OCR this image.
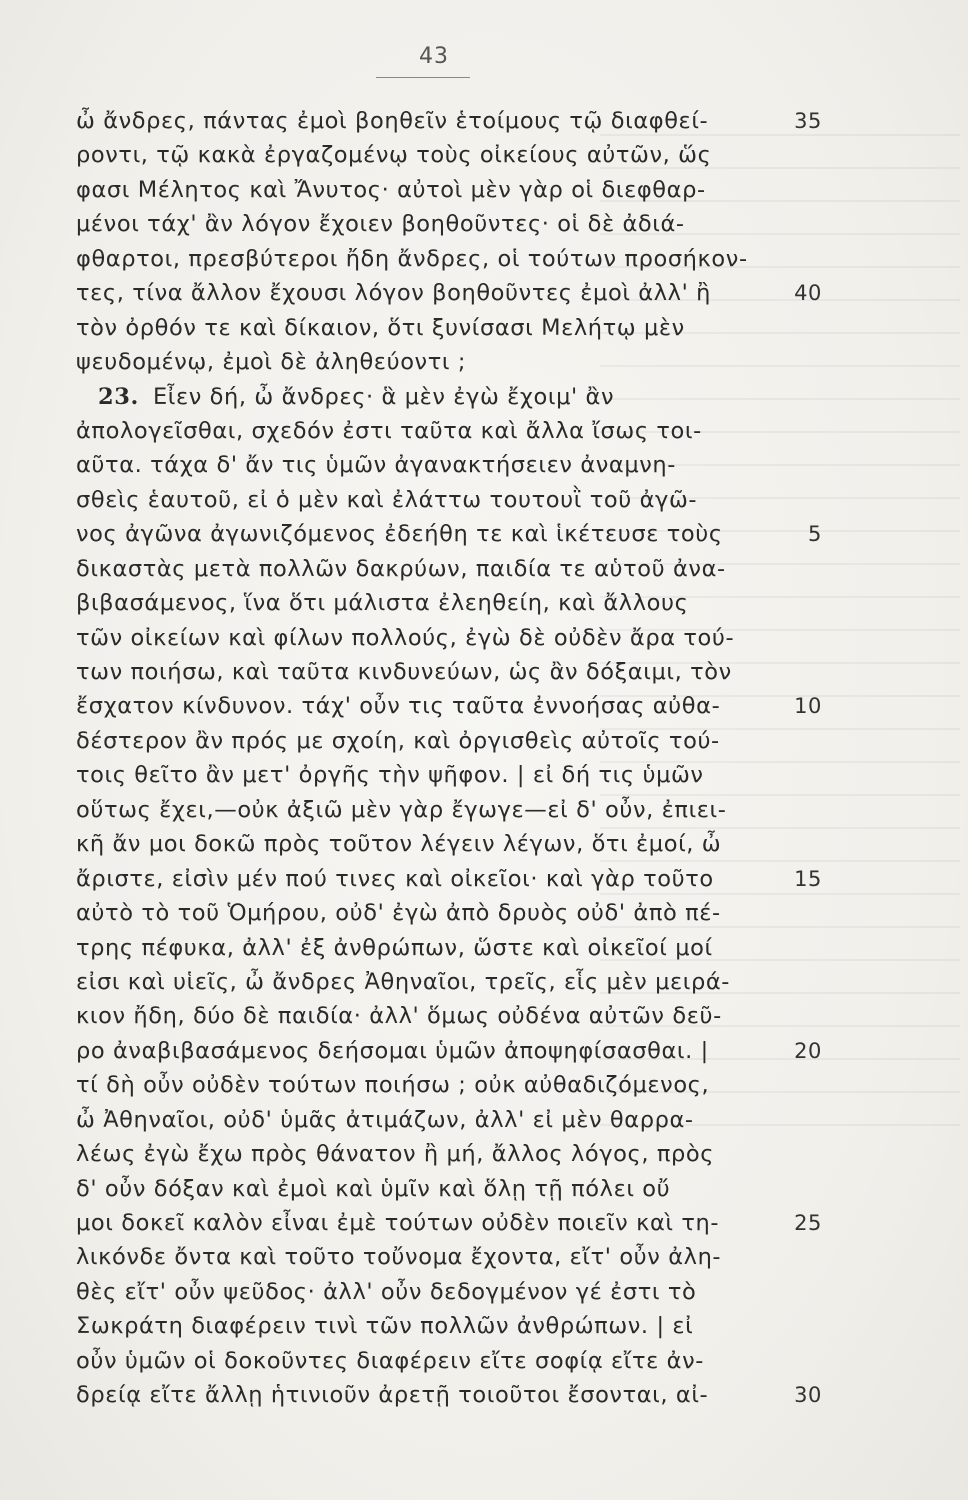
43
ὦ ἄνδρες, πάντας ἐμοὶ βοηθεῖν ἑτοίμους τῷ διαφθεί-	35
ροντι, τῷ κακὰ ἐργαζομένῳ τοὺς οἰκείους αὐτῶν, ὥς
φασι Μέλητος καὶ Ἄνυτος· αὐτοὶ μὲν γὰρ οἱ διεφθαρ-
μένοι τάχ' ἂν λόγον ἔχοιεν βοηθοῦντες· οἱ δὲ ἀδιά-
φθαρτοι, πρεσβύτεροι ἤδη ἄνδρες, οἱ τούτων προσήκον-
τες, τίνα ἄλλον ἔχουσι λόγον βοηθοῦντες ἐμοὶ ἀλλ' ἢ	40
τὸν ὀρθόν τε καὶ δίκαιον, ὅτι ξυνίσασι Μελήτῳ μὲν
ψευδομένῳ, ἐμοὶ δὲ ἀληθεύοντι ;
23. Εἶεν δή, ὦ ἄνδρες· ἃ μὲν ἐγὼ ἔχοιμ' ἂν
ἀπολογεῖσθαι, σχεδόν ἐστι ταῦτα καὶ ἄλλα ἴσως τοι-
αῦτα. τάχα δ' ἄν τις ὑμῶν ἀγανακτήσειεν ἀναμνη-
σθεὶς ἑαυτοῦ, εἰ ὁ μὲν καὶ ἐλάττω τουτουῒ τοῦ ἀγῶ-
νος ἀγῶνα ἀγωνιζόμενος ἐδεήθη τε καὶ ἱκέτευσε τοὺς	5
δικαστὰς μετὰ πολλῶν δακρύων, παιδία τε αὑτοῦ ἀνα-
βιβασάμενος, ἵνα ὅτι μάλιστα ἐλεηθείη, καὶ ἄλλους
τῶν οἰκείων καὶ φίλων πολλούς, ἐγὼ δὲ οὐδὲν ἄρα τού-
των ποιήσω, καὶ ταῦτα κινδυνεύων, ὡς ἂν δόξαιμι, τὸν
ἔσχατον κίνδυνον. τάχ' οὖν τις ταῦτα ἐννοήσας αὐθα-	10
δέστερον ἂν πρός με σχοίη, καὶ ὀργισθεὶς αὐτοῖς τού-
τοις θεῖτο ἂν μετ' ὀργῆς τὴν ψῆφον. | εἰ δή τις ὑμῶν
οὕτως ἔχει,—οὐκ ἀξιῶ μὲν γὰρ ἔγωγε—εἰ δ' οὖν, ἐπιει-
κῆ ἄν μοι δοκῶ πρὸς τοῦτον λέγειν λέγων, ὅτι ἐμοί, ὦ
ἄριστε, εἰσὶν μέν πού τινες καὶ οἰκεῖοι· καὶ γὰρ τοῦτο	15
αὐτὸ τὸ τοῦ Ὁμήρου, οὐδ' ἐγὼ ἀπὸ δρυὸς οὐδ' ἀπὸ πέ-
τρης πέφυκα, ἀλλ' ἐξ ἀνθρώπων, ὥστε καὶ οἰκεῖοί μοί
εἰσι καὶ υἱεῖς, ὦ ἄνδρες Ἀθηναῖοι, τρεῖς, εἷς μὲν μειρά-
κιον ἤδη, δύο δὲ παιδία· ἀλλ' ὅμως οὐδένα αὐτῶν δεῦ-
ρο ἀναβιβασάμενος δεήσομαι ὑμῶν ἀποψηφίσασθαι. |	20
τί δὴ οὖν οὐδὲν τούτων ποιήσω ; οὐκ αὐθαδιζόμενος,
ὦ Ἀθηναῖοι, οὐδ' ὑμᾶς ἀτιμάζων, ἀλλ' εἰ μὲν θαρρα-
λέως ἐγὼ ἔχω πρὸς θάνατον ἢ μή, ἄλλος λόγος, πρὸς
δ' οὖν δόξαν καὶ ἐμοὶ καὶ ὑμῖν καὶ ὅλῃ τῇ πόλει οὔ
μοι δοκεῖ καλὸν εἶναι ἐμὲ τούτων οὐδὲν ποιεῖν καὶ τη-	25
λικόνδε ὄντα καὶ τοῦτο τοὔνομα ἔχοντα, εἴτ' οὖν ἀλη-
θὲς εἴτ' οὖν ψεῦδος· ἀλλ' οὖν δεδογμένον γέ ἐστι τὸ
Σωκράτη διαφέρειν τινὶ τῶν πολλῶν ἀνθρώπων. | εἰ
οὖν ὑμῶν οἱ δοκοῦντες διαφέρειν εἴτε σοφίᾳ εἴτε ἀν-
δρείᾳ εἴτε ἄλλῃ ἡτινιοῦν ἀρετῇ τοιοῦτοι ἔσονται, αἰ-	30
